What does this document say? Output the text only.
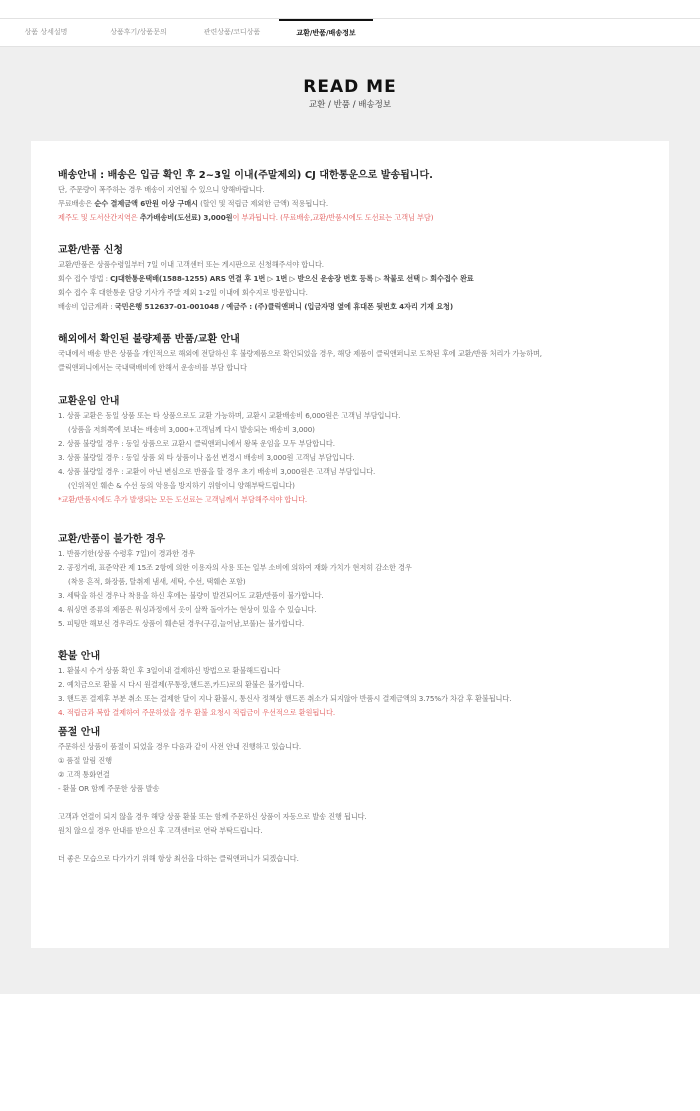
상품 상세설명	상품후기/상품문의	관련상품/코디상품	교환/반품/배송정보
READ ME
교환 / 반품 / 배송정보
배송안내 : 배송은 입금 확인 후 2~3일 이내(주말제외) CJ 대한통운으로 발송됩니다.
단, 주문량이 폭주하는 경우 배송이 지연될 수 있으니 양해바랍니다.
무료배송은 순수 결제금액 6만원 이상 구매시 (할인 및 적립금 제외한 금액) 적용됩니다.
제주도 및 도서산간지역은 추가배송비(도선료) 3,000원이 부과됩니다. (무료배송,교환/반품시에도 도선료는 고객님 부담)
교환/반품 신청
교환/반품은 상품수령일부터 7일 이내 고객센터 또는 게시판으로 신청해주셔야 합니다.
회수 접수 방법 : CJ대한통운택배(1588-1255) ARS 연결 후 1번 ▷ 1번 ▷ 받으신 운송장 번호 등록 ▷ 착불로 선택 ▷ 회수접수 완료
회수 접수 후 대한통운 담당 기사가 주말 제외 1-2일 이내에 회수지로 방문합니다.
배송비 입금계좌 : 국민은행 512637-01-001048 / 예금주 : (주)클릭앤퍼니 (입금자명 옆에 휴대폰 뒷번호 4자리 기재 요청)
해외에서 확인된 불량제품 반품/교환 안내
국내에서 배송 받은 상품을 개인적으로 해외에 전달하신 후 불량제품으로 확인되었을 경우, 해당 제품이 클릭앤퍼니로 도착된 후에 교환/반품 처리가 가능하며,
클릭앤퍼니에서는 국내택배비에 한해서 운송비를 부담 합니다
교환운임 안내
1. 상품 교환은 동일 상품 또는 타 상품으로도 교환 가능하며, 교환시 교환배송비 6,000원은 고객님 부담입니다.
(상품을 저희쪽에 보내는 배송비 3,000+고객님께 다시 발송되는 배송비 3,000)
2. 상품 불량일 경우 : 동일 상품으로 교환시 클릭앤퍼니에서 왕복 운임을 모두 부담합니다.
3. 상품 불량일 경우 : 동일 상품 외 타 상품이나 옵션 변경시 배송비 3,000원 고객님 부담입니다.
4. 상품 불량일 경우 : 교환이 아닌 변심으로 반품을 할 경우 초기 배송비 3,000원은 고객님 부담입니다.
(인위적인 훼손 & 수선 등의 악용을 방지하기 위함이니 양해부탁드립니다)
*교환/반품시에도 추가 발생되는 모든 도선료는 고객님께서 부담해주셔야 합니다.
교환/반품이 불가한 경우
1. 반품기한(상품 수령후 7일)이 경과한 경우
2. 공정거래, 표준약관 제 15조 2항에 의한 이용자의 사용 또는 일부 소비에 의하여 재화 가치가 현저히 감소한 경우
(착용 흔적, 화장품, 탈취제 냄새, 세탁, 수선, 택훼손 포함)
3. 세탁을 하신 경우나 착용을 하신 후에는 불량이 발견되어도 교환/반품이 불가합니다.
4. 워싱면 종류의 제품은 워싱과정에서 옷이 살짝 돌아가는 현상이 있을 수 있습니다.
5. 피팅만 해보신 경우라도 상품이 훼손된 경우(구김,늘어남,보풀)는 불가합니다.
환불 안내
1. 환불시 수거 상품 확인 후 3일이내 결제하신 방법으로 환불해드립니다
2. 예치금으로 환불 시 다시 원결제(무통장,핸드폰,카드)로의 환불은 불가합니다.
3. 핸드폰 결제후 부분 취소 또는 결제한 달이 지나 환불시, 통신사 정책상 핸드폰 취소가 되지않아 반품시 결제금액의 3.75%가 차감 후 환불됩니다.
4. 적립금과 복합 결제하여 주문하였을 경우 환불 요청시 적립금이 우선적으로 환원됩니다.
품절 안내
주문하신 상품이 품절이 되었을 경우 다음과 같이 사전 안내 진행하고 있습니다.
① 품절 알림 진행
② 고객 통화연결
- 환불 OR 함께 주문한 상품 발송
고객과 연결이 되지 않을 경우 해당 상품 환불 또는 함께 주문하신 상품이 자동으로 발송 진행 됩니다.
원치 않으실 경우 안내를 받으신 후 고객센터로 연락 부탁드립니다.
더 좋은 모습으로 다가가기 위해 항상 최선을 다하는 클릭앤퍼니가 되겠습니다.
